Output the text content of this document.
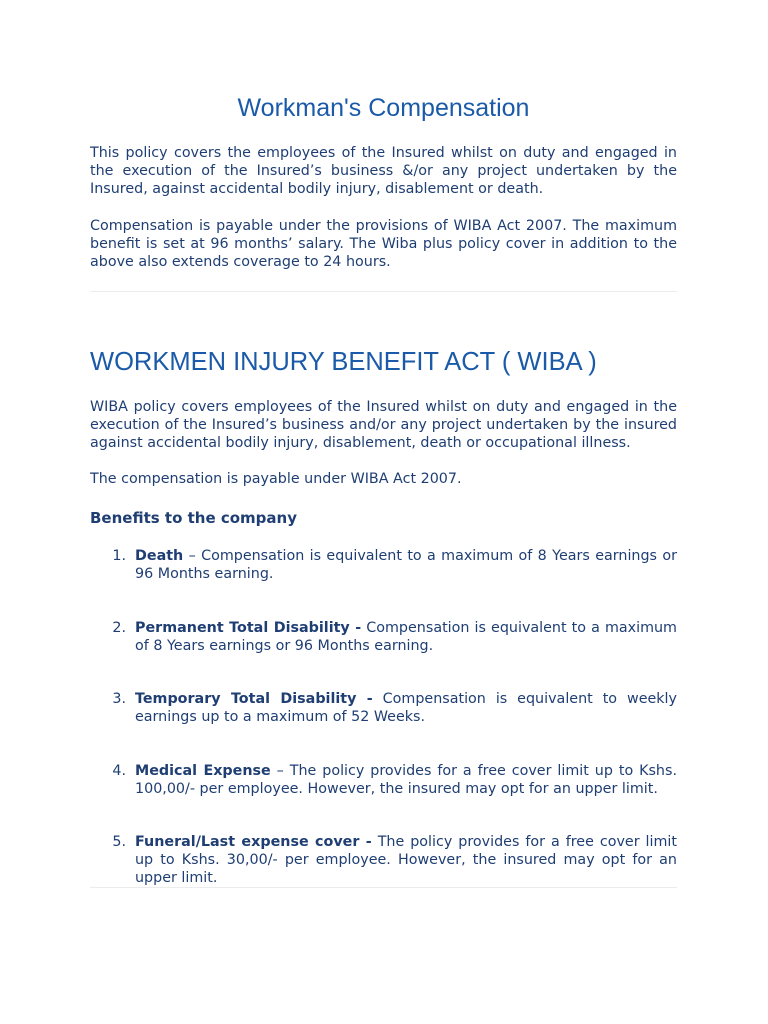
Workman's Compensation

This policy covers the employees of the Insured whilst on duty and engaged in the execution of the Insured’s business &/or any project undertaken by the Insured, against accidental bodily injury, disablement or death.

Compensation is payable under the provisions of WIBA Act 2007. The maximum benefit is set at 96 months’ salary. The Wiba plus policy cover in addition to the above also extends coverage to 24 hours.

WORKMEN INJURY BENEFIT ACT ( WIBA )

WIBA policy covers employees of the Insured whilst on duty and engaged in the execution of the Insured’s business and/or any project undertaken by the insured against accidental bodily injury, disablement, death or occupational illness.

The compensation is payable under WIBA Act 2007.

Benefits to the company
1. Death – Compensation is equivalent to a maximum of 8 Years earnings or 96 Months earning.
2. Permanent Total Disability - Compensation is equivalent to a maximum of 8 Years earnings or 96 Months earning.
3. Temporary Total Disability - Compensation is equivalent to weekly earnings up to a maximum of 52 Weeks.
4. Medical Expense – The policy provides for a free cover limit up to Kshs. 100,00/- per employee. However, the insured may opt for an upper limit.
5. Funeral/Last expense cover - The policy provides for a free cover limit up to Kshs. 30,00/- per employee. However, the insured may opt for an upper limit.
